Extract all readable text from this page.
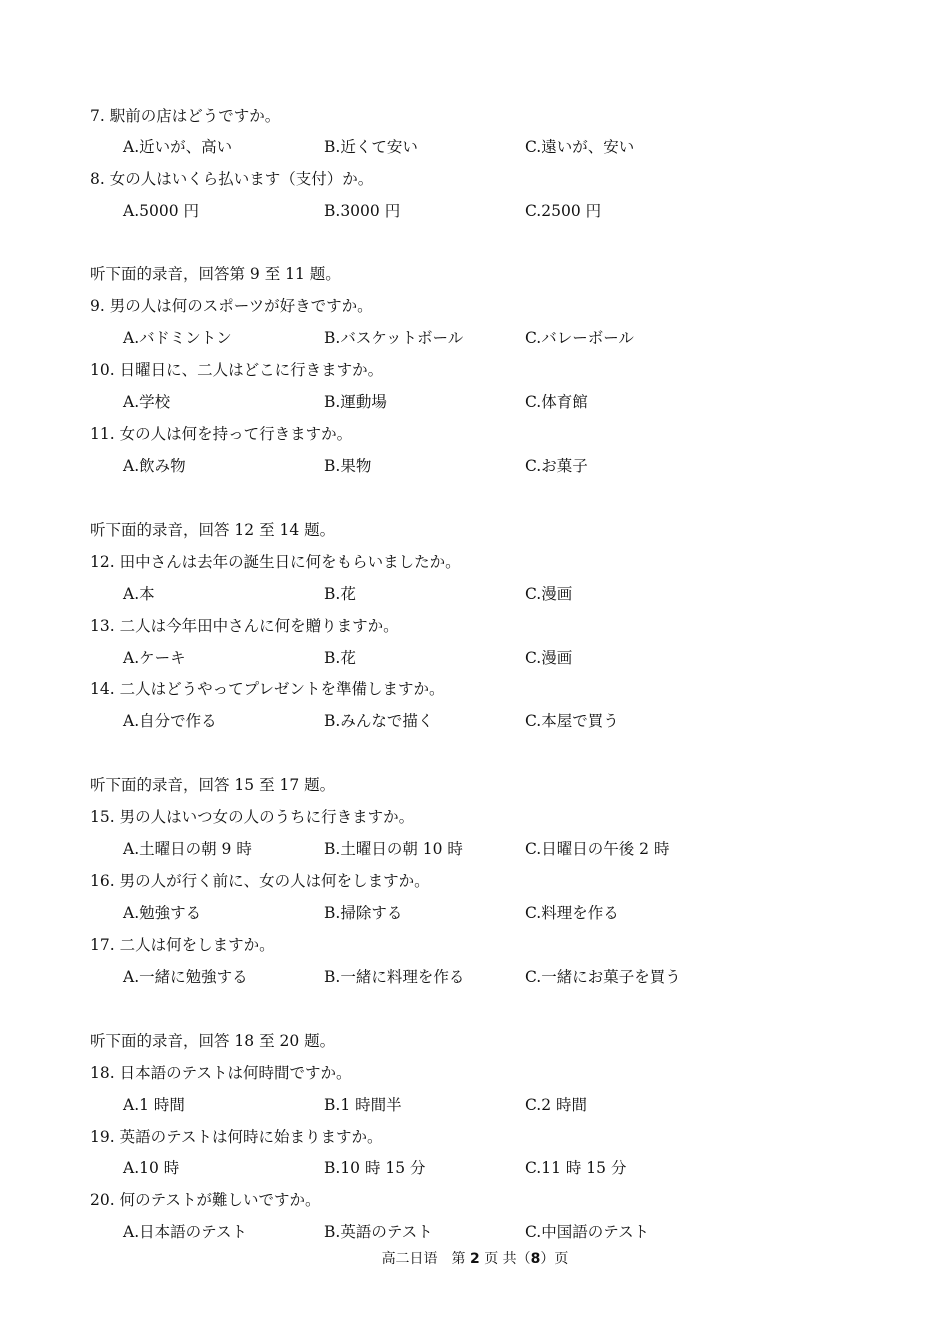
7. 駅前の店はどうですか。
A.近いが、高い	B.近くて安い	C.遠いが、安い
8. 女の人はいくら払います（支付）か。
A.5000 円	B.3000 円	C.2500 円
听下面的录音，回答第 9 至 11 题。
9. 男の人は何のスポーツが好きですか。
A.バドミントン	B.バスケットボール	C.バレーボール
10. 日曜日に、二人はどこに行きますか。
A.学校	B.運動場	C.体育館
11. 女の人は何を持って行きますか。
A.飲み物	B.果物	C.お菓子
听下面的录音，回答 12 至 14 题。
12. 田中さんは去年の誕生日に何をもらいましたか。
A.本	B.花	C.漫画
13. 二人は今年田中さんに何を贈りますか。
A.ケーキ	B.花	C.漫画
14. 二人はどうやってプレゼントを準備しますか。
A.自分で作る	B.みんなで描く	C.本屋で買う
听下面的录音，回答 15 至 17 题。
15. 男の人はいつ女の人のうちに行きますか。
A.土曜日の朝 9 時	B.土曜日の朝 10 時	C.日曜日の午後 2 時
16. 男の人が行く前に、女の人は何をしますか。
A.勉強する	B.掃除する	C.料理を作る
17. 二人は何をしますか。
A.一緒に勉強する	B.一緒に料理を作る	C.一緒にお菓子を買う
听下面的录音，回答 18 至 20 题。
18. 日本語のテストは何時間ですか。
A.1 時間	B.1 時間半	C.2 時間
19. 英語のテストは何時に始まりますか。
A.10 時	B.10 時 15 分	C.11 時 15 分
20. 何のテストが難しいですか。
A.日本語のテスト	B.英語のテスト	C.中国語のテスト
高二日语　第 2 页 共（8）页
